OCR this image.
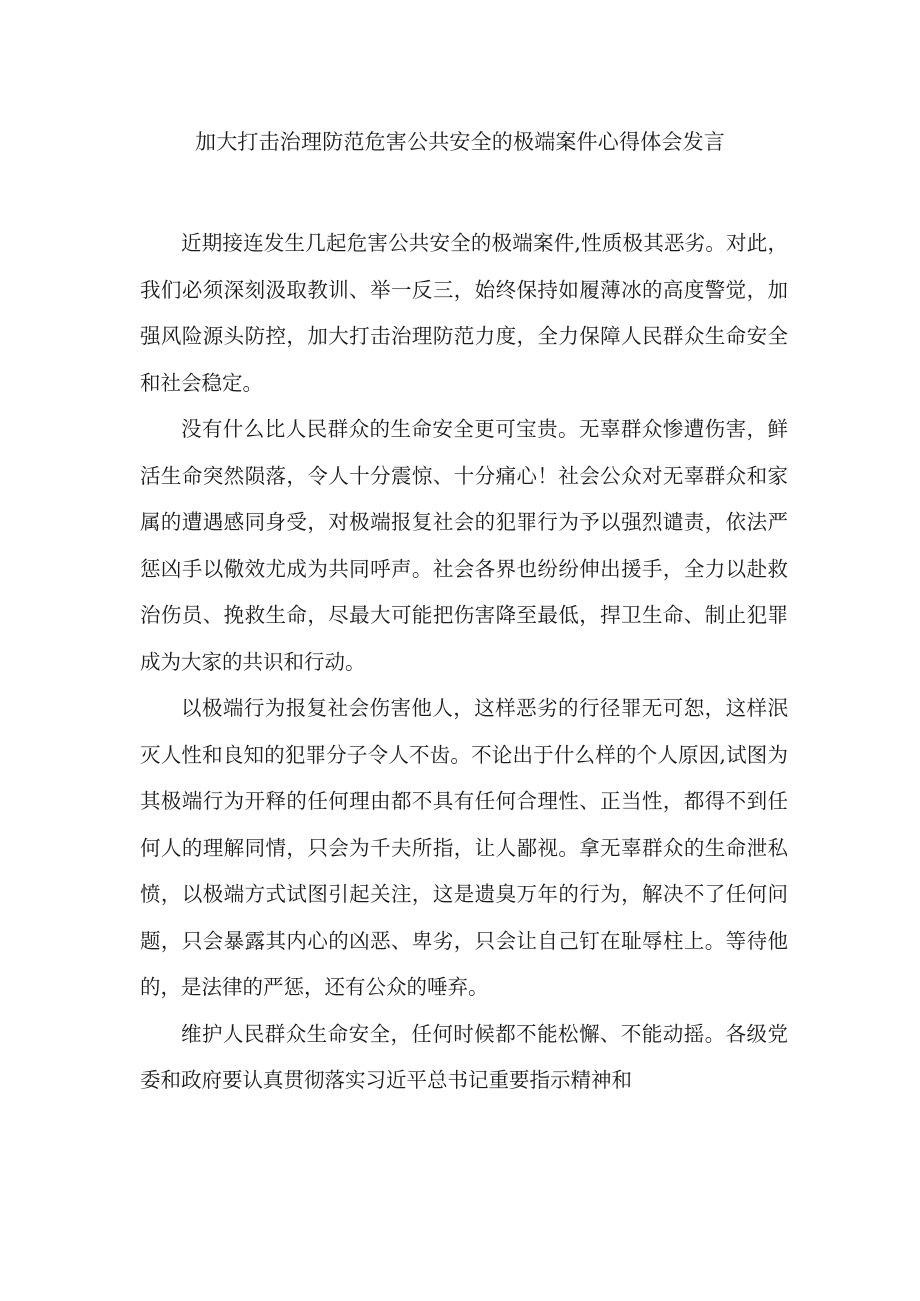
加大打击治理防范危害公共安全的极端案件心得体会发言

近期接连发生几起危害公共安全的极端案件,性质极其恶劣。对此，我们必须深刻汲取教训、举一反三，始终保持如履薄冰的高度警觉，加强风险源头防控，加大打击治理防范力度，全力保障人民群众生命安全和社会稳定。

没有什么比人民群众的生命安全更可宝贵。无辜群众惨遭伤害，鲜活生命突然陨落，令人十分震惊、十分痛心！社会公众对无辜群众和家属的遭遇感同身受，对极端报复社会的犯罪行为予以强烈谴责，依法严惩凶手以儆效尤成为共同呼声。社会各界也纷纷伸出援手，全力以赴救治伤员、挽救生命，尽最大可能把伤害降至最低，捍卫生命、制止犯罪成为大家的共识和行动。

以极端行为报复社会伤害他人，这样恶劣的行径罪无可恕，这样泯灭人性和良知的犯罪分子令人不齿。不论出于什么样的个人原因,试图为其极端行为开释的任何理由都不具有任何合理性、正当性，都得不到任何人的理解同情，只会为千夫所指，让人鄙视。拿无辜群众的生命泄私愤，以极端方式试图引起关注，这是遗臭万年的行为，解决不了任何问题，只会暴露其内心的凶恶、卑劣，只会让自己钉在耻辱柱上。等待他的，是法律的严惩，还有公众的唾弃。

维护人民群众生命安全，任何时候都不能松懈、不能动摇。各级党委和政府要认真贯彻落实习近平总书记重要指示精神和
